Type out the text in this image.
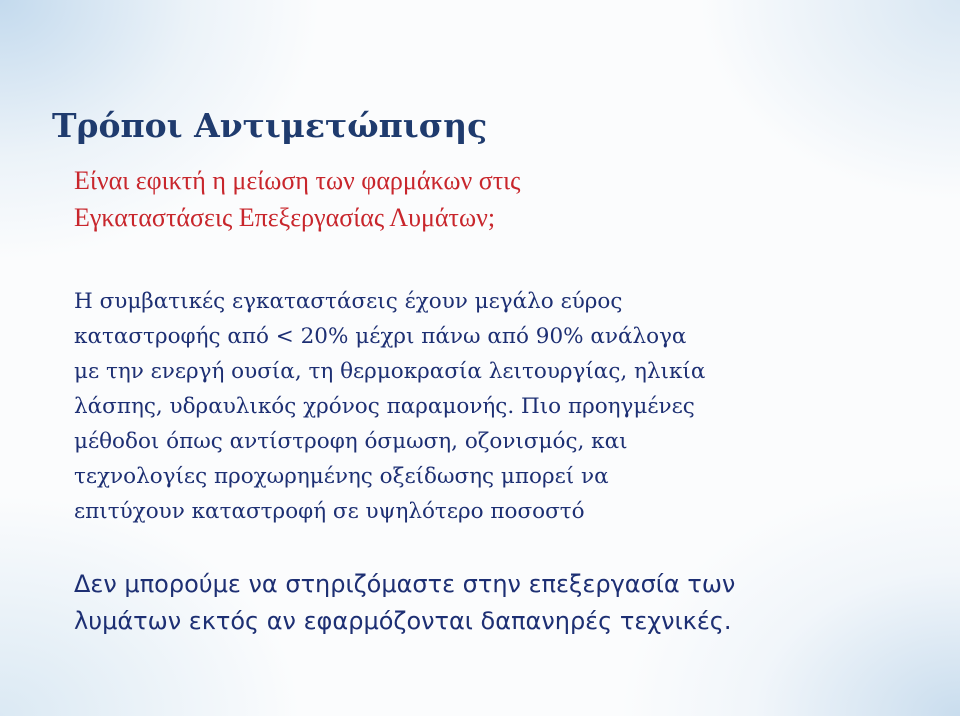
Τρόποι Αντιμετώπισης

Είναι εφικτή η μείωση των φαρμάκων στις
Εγκαταστάσεις Επεξεργασίας Λυμάτων;

Η συμβατικές εγκαταστάσεις έχουν μεγάλο εύρος
καταστροφής από < 20% μέχρι πάνω από 90% ανάλογα
με την ενεργή ουσία, τη θερμοκρασία λειτουργίας, ηλικία
λάσπης, υδραυλικός χρόνος παραμονής. Πιο προηγμένες
μέθοδοι όπως αντίστροφη όσμωση, οζονισμός, και
τεχνολογίες προχωρημένης οξείδωσης μπορεί να
επιτύχουν καταστροφή σε υψηλότερο ποσοστό

Δεν μπορούμε να στηριζόμαστε στην επεξεργασία των
λυμάτων εκτός αν εφαρμόζονται δαπανηρές τεχνικές.
